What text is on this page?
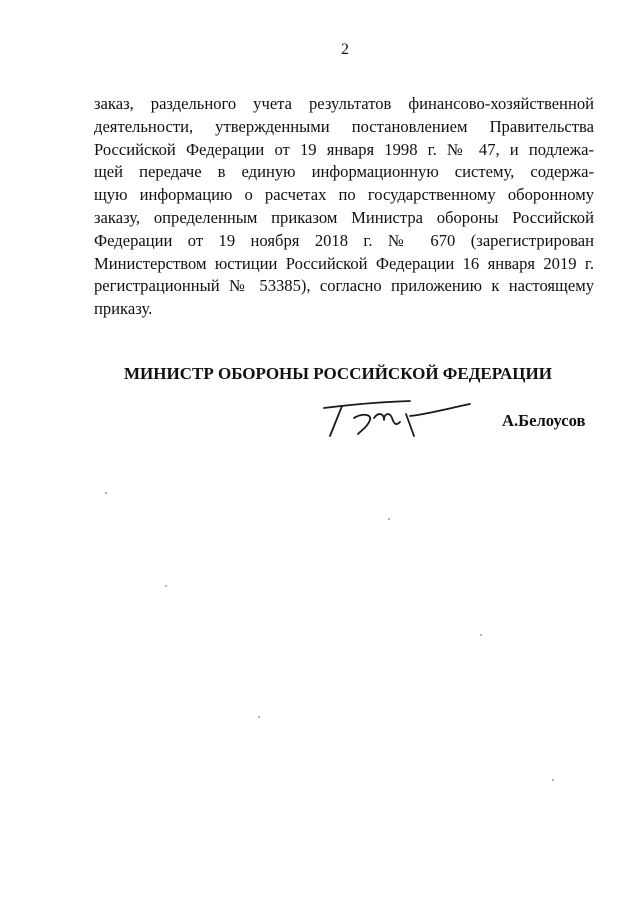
2
заказ, раздельного учета результатов финансово-хозяйственной
деятельности, утвержденными постановлением Правительства
Российской Федерации от 19 января 1998 г. № 47, и подлежа-
щей передаче в единую информационную систему, содержа-
щую информацию о расчетах по государственному оборонному
заказу, определенным приказом Министра обороны Российской
Федерации от 19 ноября 2018 г. № 670 (зарегистрирован
Министерством юстиции Российской Федерации 16 января 2019 г.
регистрационный № 53385), согласно приложению к настоящему
приказу.
МИНИСТР ОБОРОНЫ РОССИЙСКОЙ ФЕДЕРАЦИИ
А.Белоусов
